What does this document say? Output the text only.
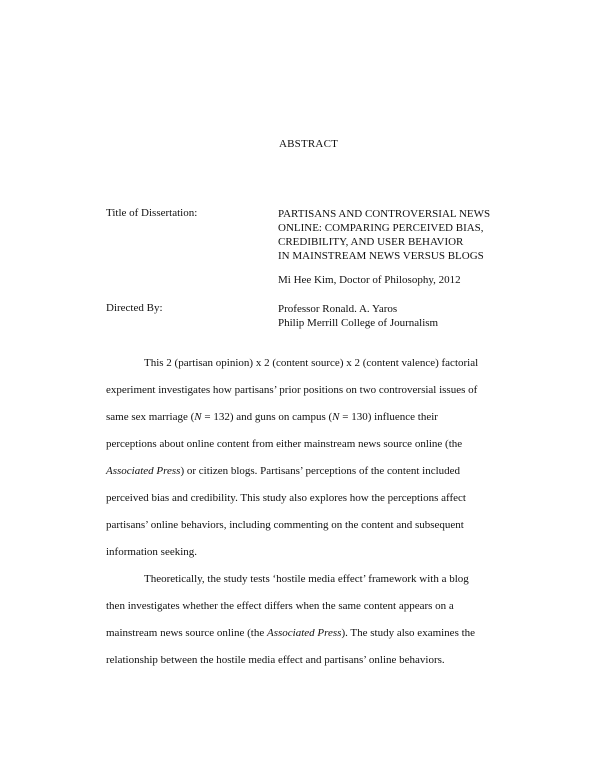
ABSTRACT
Title of Dissertation:	PARTISANS AND CONTROVERSIAL NEWS
ONLINE: COMPARING PERCEIVED BIAS,
CREDIBILITY, AND USER BEHAVIOR
IN MAINSTREAM NEWS VERSUS BLOGS
Mi Hee Kim, Doctor of Philosophy, 2012
Directed By:	Professor Ronald. A. Yaros
Philip Merrill College of Journalism
This 2 (partisan opinion) x 2 (content source) x 2 (content valence) factorial
experiment investigates how partisans’ prior positions on two controversial issues of
same sex marriage (N = 132) and guns on campus (N = 130) influence their
perceptions about online content from either mainstream news source online (the
Associated Press) or citizen blogs. Partisans’ perceptions of the content included
perceived bias and credibility. This study also explores how the perceptions affect
partisans’ online behaviors, including commenting on the content and subsequent
information seeking.
Theoretically, the study tests ‘hostile media effect’ framework with a blog
then investigates whether the effect differs when the same content appears on a
mainstream news source online (the Associated Press). The study also examines the
relationship between the hostile media effect and partisans’ online behaviors.
